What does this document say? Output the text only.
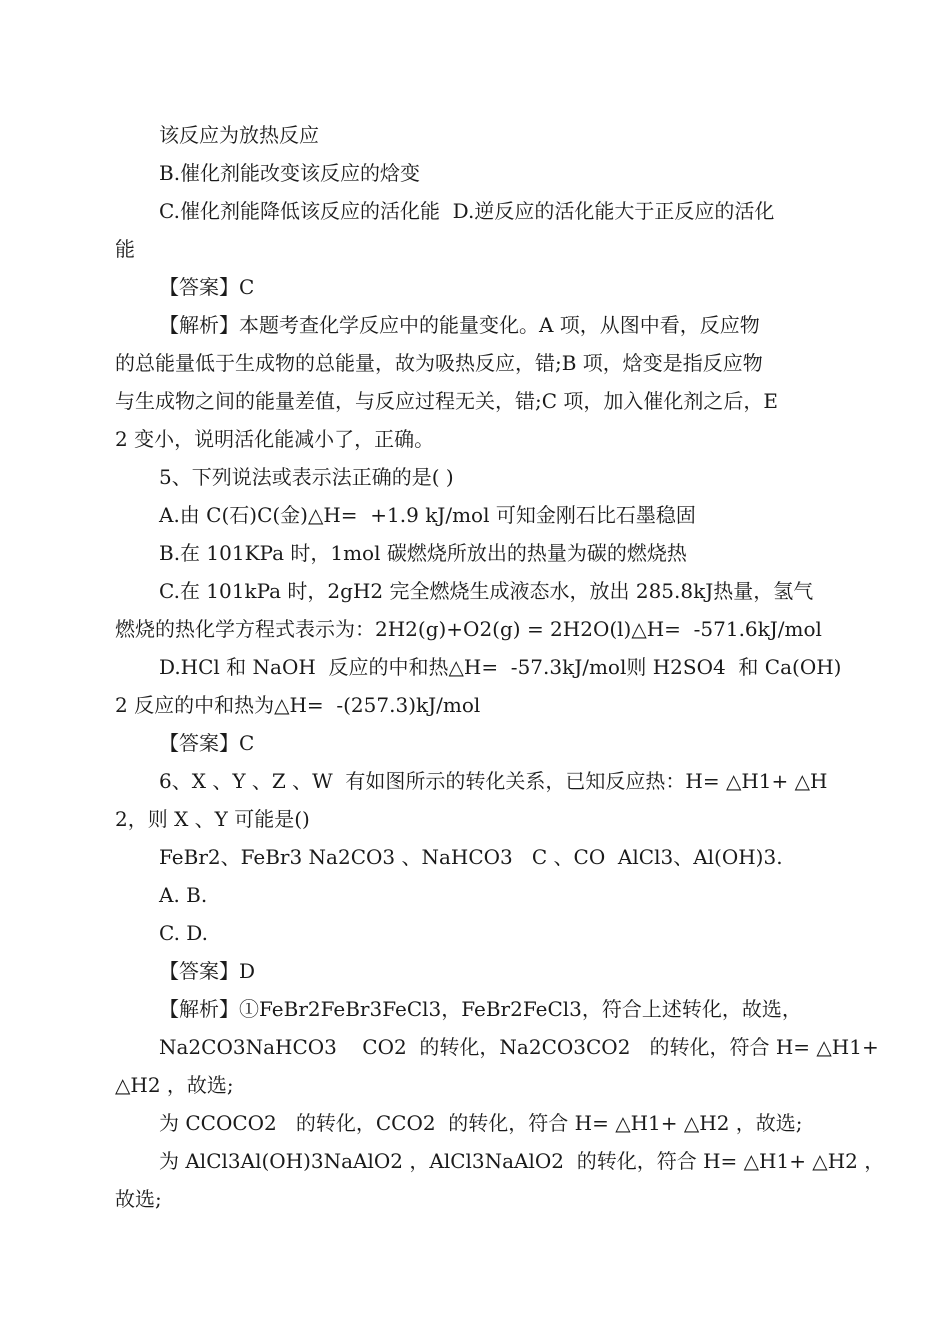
该反应为放热反应
B.催化剂能改变该反应的焓变
C.催化剂能降低该反应的活化能  D.逆反应的活化能大于正反应的活化
能
【答案】C
【解析】本题考查化学反应中的能量变化。A 项，从图中看，反应物
的总能量低于生成物的总能量，故为吸热反应，错;B 项，焓变是指反应物
与生成物之间的能量差值，与反应过程无关，错;C 项，加入催化剂之后，E
2 变小，说明活化能减小了，正确。
5、下列说法或表示法正确的是( )
A.由 C(石)C(金)△H=  +1.9 kJ/mol 可知金刚石比石墨稳固
B.在 101KPa 时，1mol 碳燃烧所放出的热量为碳的燃烧热
C.在 101kPa 时，2gH2 完全燃烧生成液态水，放出 285.8kJ热量，氢气
燃烧的热化学方程式表示为：2H2(g)+O2(g) = 2H2O(l)△H=  -571.6kJ/mol
D.HCl 和 NaOH  反应的中和热△H=  -57.3kJ/mol则 H2SO4  和 Ca(OH)
2 反应的中和热为△H=  -(257.3)kJ/mol
【答案】C
6、X 、Y 、Z 、W  有如图所示的转化关系，已知反应热：H= △H1+ △H
2，则 X 、Y 可能是()
FeBr2、FeBr3 Na2CO3 、NaHCO3   C 、CO  AlCl3、Al(OH)3.
A. B.
C. D.
【答案】D
【解析】①FeBr2FeBr3FeCl3，FeBr2FeCl3，符合上述转化，故选，
Na2CO3NaHCO3    CO2  的转化，Na2CO3CO2   的转化，符合 H= △H1+
△H2 ，故选;
为 CCOCO2   的转化，CCO2  的转化，符合 H= △H1+ △H2 ，故选;
为 AlCl3Al(OH)3NaAlO2 ，AlCl3NaAlO2  的转化，符合 H= △H1+ △H2 ，
故选;
